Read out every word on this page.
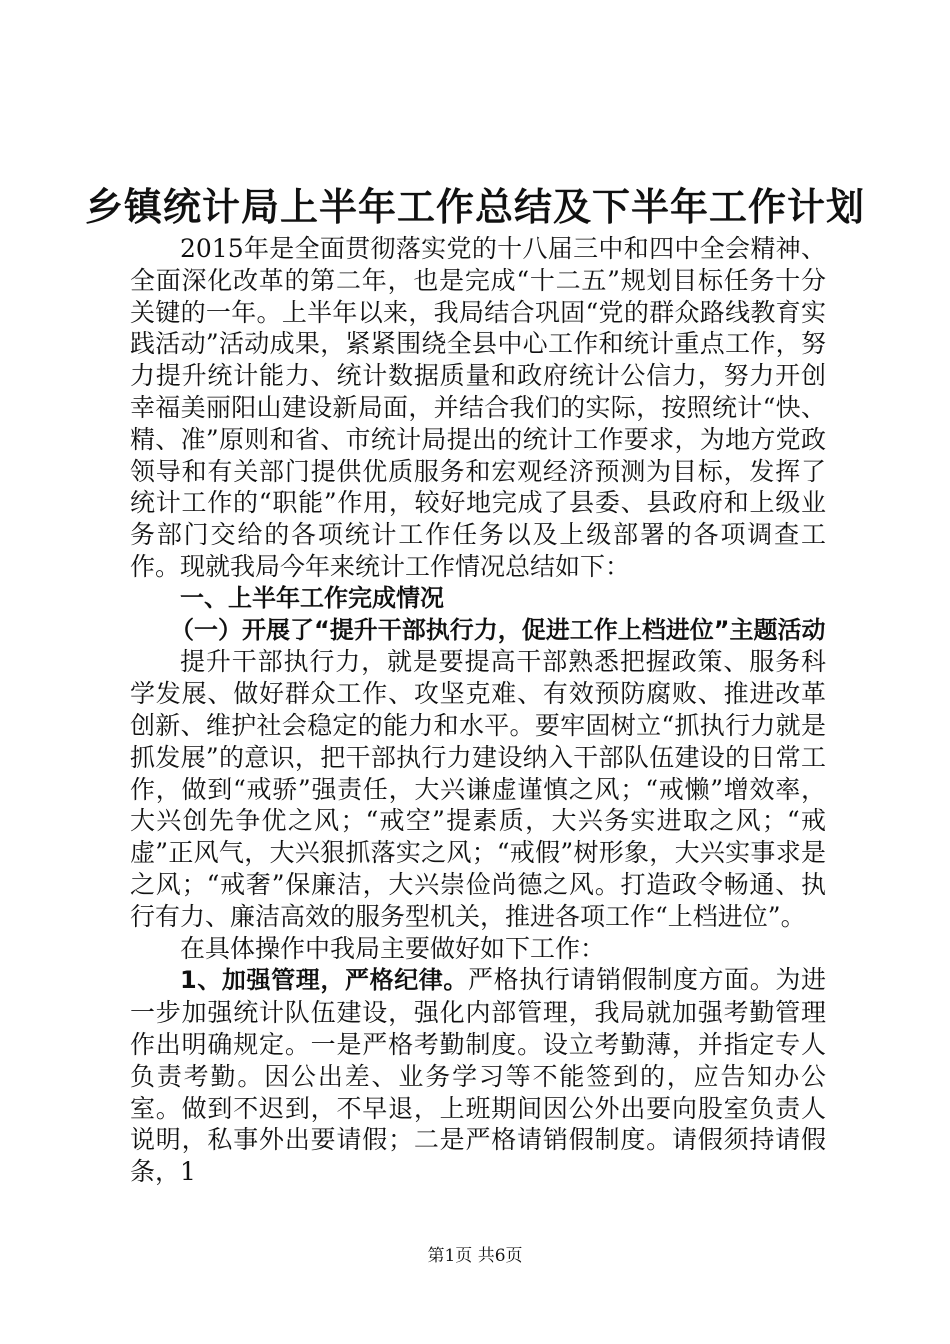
乡镇统计局上半年工作总结及下半年工作计划

2015年是全面贯彻落实党的十八届三中和四中全会精神、全面深化改革的第二年，也是完成“十二五”规划目标任务十分关键的一年。上半年以来，我局结合巩固“党的群众路线教育实践活动”活动成果，紧紧围绕全县中心工作和统计重点工作，努力提升统计能力、统计数据质量和政府统计公信力，努力开创幸福美丽阳山建设新局面，并结合我们的实际，按照统计“快、精、准”原则和省、市统计局提出的统计工作要求，为地方党政领导和有关部门提供优质服务和宏观经济预测为目标，发挥了统计工作的“职能”作用，较好地完成了县委、县政府和上级业务部门交给的各项统计工作任务以及上级部署的各项调查工作。现就我局今年来统计工作情况总结如下：

一、上半年工作完成情况

（一）开展了“提升干部执行力，促进工作上档进位”主题活动

提升干部执行力，就是要提高干部熟悉把握政策、服务科学发展、做好群众工作、攻坚克难、有效预防腐败、推进改革创新、维护社会稳定的能力和水平。要牢固树立“抓执行力就是抓发展”的意识，把干部执行力建设纳入干部队伍建设的日常工作，做到“戒骄”强责任，大兴谦虚谨慎之风；“戒懒”增效率，大兴创先争优之风；“戒空”提素质，大兴务实进取之风；“戒虚”正风气，大兴狠抓落实之风；“戒假”树形象，大兴实事求是之风；“戒奢”保廉洁，大兴崇俭尚德之风。打造政令畅通、执行有力、廉洁高效的服务型机关，推进各项工作“上档进位”。

在具体操作中我局主要做好如下工作：

1、加强管理，严格纪律。严格执行请销假制度方面。为进一步加强统计队伍建设，强化内部管理，我局就加强考勤管理作出明确规定。一是严格考勤制度。设立考勤薄，并指定专人负责考勤。因公出差、业务学习等不能签到的，应告知办公室。做到不迟到，不早退，上班期间因公外出要向股室负责人说明，私事外出要请假；二是严格请销假制度。请假须持请假条，1

第1页 共6页
